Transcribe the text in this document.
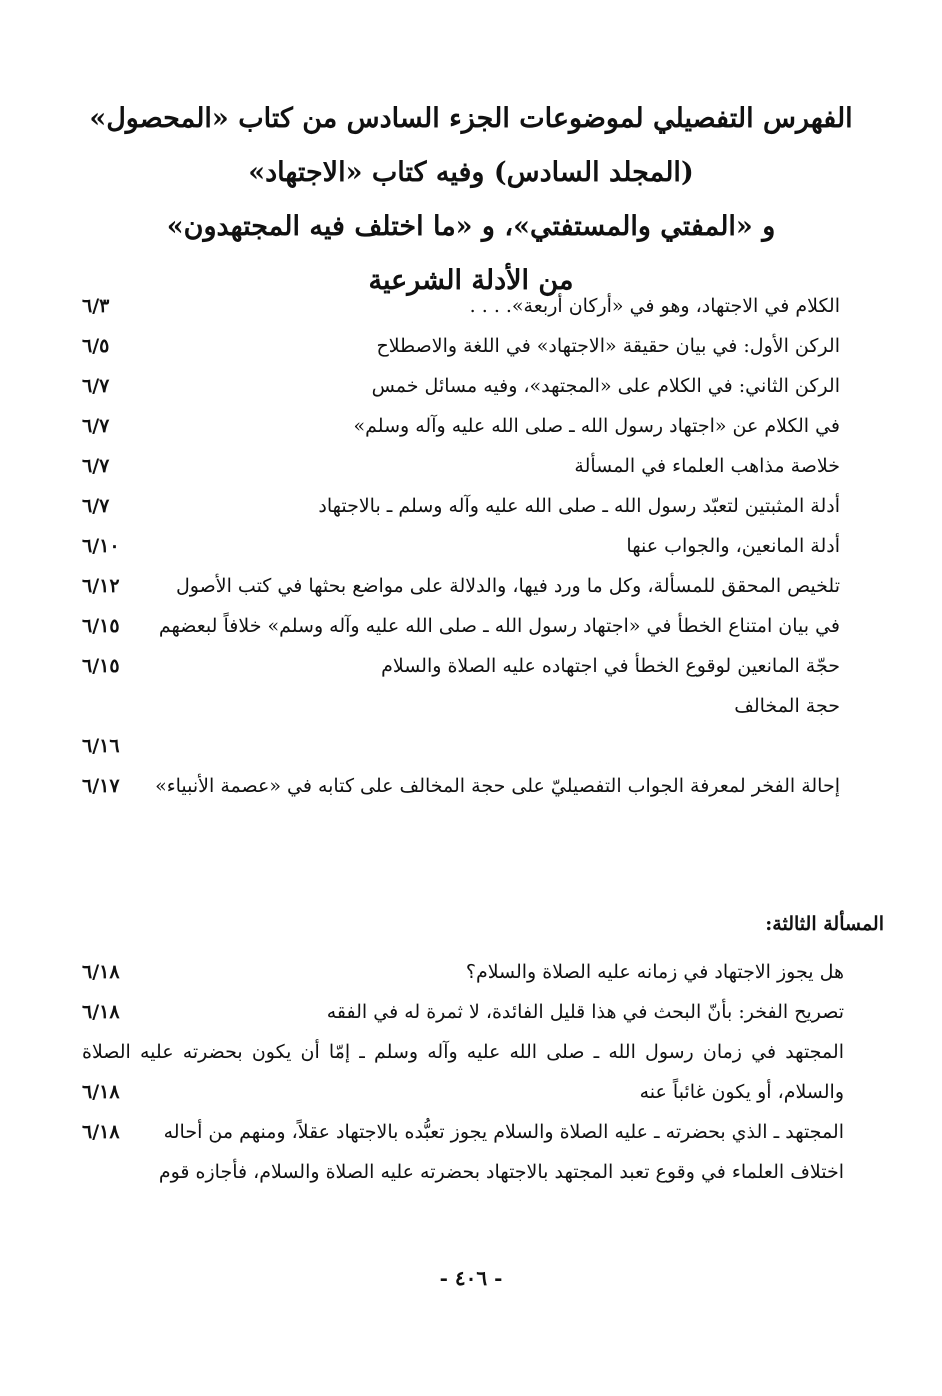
الفهرس التفصيلي لموضوعات الجزء السادس من كتاب «المحصول»

(المجلد السادس) وفيه كتاب «الاجتهاد»

و «المفتي والمستفتي»، و «ما اختلف فيه المجتهدون»

من الأدلة الشرعية

الكلام في الاجتهاد، وهو في «أركان أربعة». . . .
٦/٣
الركن الأول: في بيان حقيقة «الاجتهاد» في اللغة والاصطلاح
٦/٥
الركن الثاني: في الكلام على «المجتهد»، وفيه مسائل خمس
٦/٧
في الكلام عن «اجتهاد رسول الله ـ صلى الله عليه وآله وسلم»
٦/٧
خلاصة مذاهب العلماء في المسألة
٦/٧
أدلة المثبتين لتعبّد رسول الله ـ صلى الله عليه وآله وسلم ـ بالاجتهاد
٦/٧
أدلة المانعين، والجواب عنها
٦/١٠
تلخيص المحقق للمسألة، وكل ما ورد فيها، والدلالة على مواضع بحثها في كتب الأصول
٦/١٢
في بيان امتناع الخطأ في «اجتهاد رسول الله ـ صلى الله عليه وآله وسلم» خلافاً لبعضهم
٦/١٥
حجّة المانعين لوقوع الخطأ في اجتهاده عليه الصلاة والسلام
٦/١٥
حجة المخالف
٦/١٦
إحالة الفخر لمعرفة الجواب التفصيليّ على حجة المخالف على كتابه في «عصمة الأنبياء»
٦/١٧

المسألة الثالثة:

هل يجوز الاجتهاد في زمانه عليه الصلاة والسلام؟
٦/١٨
تصريح الفخر: بأنّ البحث في هذا قليل الفائدة، لا ثمرة له في الفقه
٦/١٨
المجتهد في زمان رسول الله ـ صلى الله عليه وآله وسلم ـ إمّا أن يكون بحضرته عليه الصلاة والسلام، أو يكون غائباً عنه
٦/١٨
المجتهد ـ الذي بحضرته ـ عليه الصلاة والسلام يجوز تعبُّده بالاجتهاد عقلاً، ومنهم من أحاله
٦/١٨
اختلاف العلماء في وقوع تعبد المجتهد بالاجتهاد بحضرته عليه الصلاة والسلام، فأجازه قوم
- ٤٠٦ -
